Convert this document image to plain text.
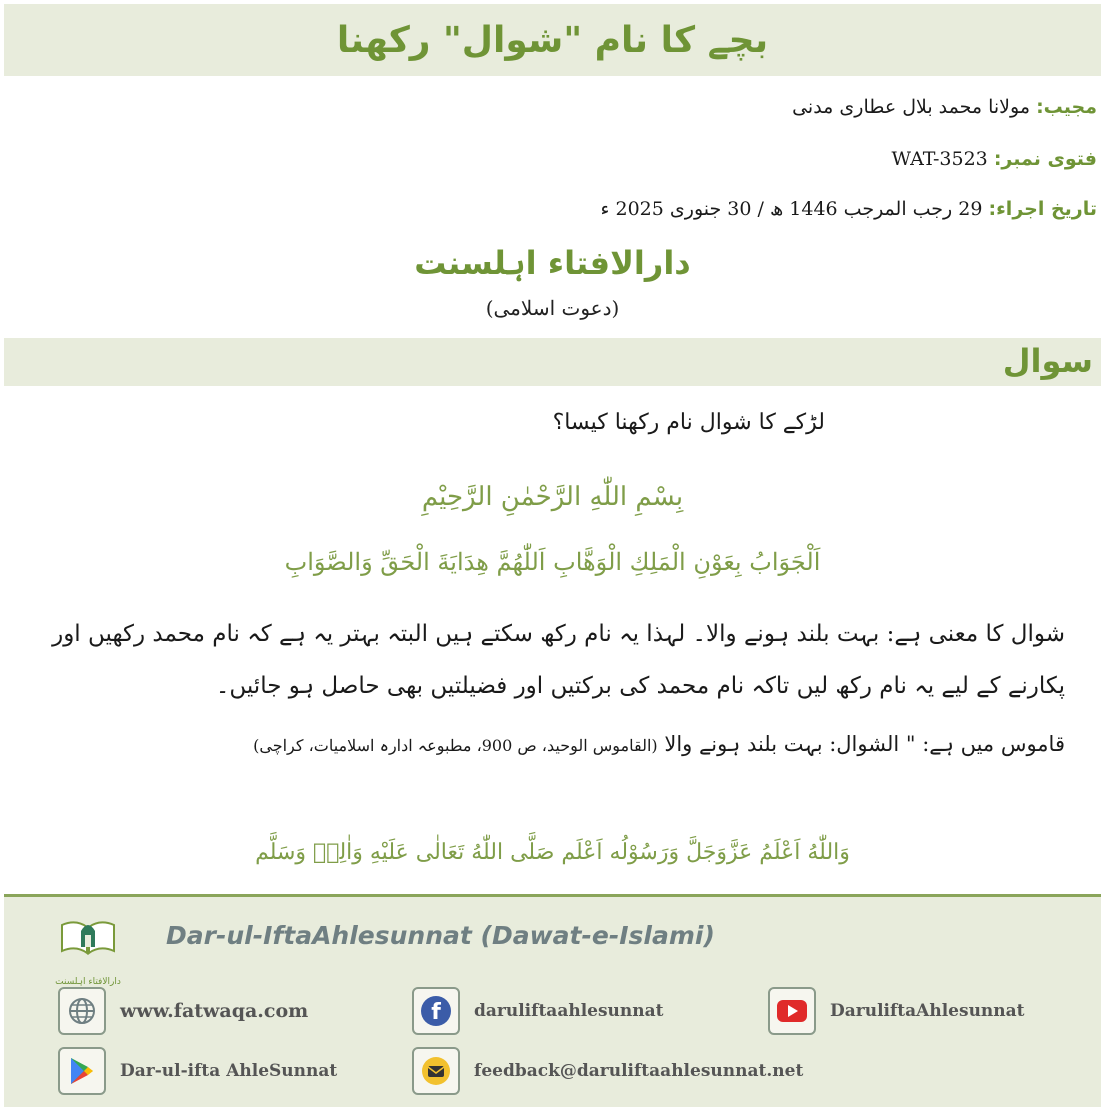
بچے کا نام "شوال" رکھنا
مجیب: مولانا محمد بلال عطاری مدنی
فتوی نمبر: WAT-3523
تاریخ اجراء: 29 رجب المرجب 1446 ھ / 30 جنوری 2025 ء
دارالافتاء اہلسنت
(دعوت اسلامی)
سوال
لڑکے کا شوال نام رکھنا کیسا؟
بِسْمِ اللّٰهِ الرَّحْمٰنِ الرَّحِیْمِ
اَلْجَوَابُ بِعَوْنِ الْمَلِكِ الْوَهَّابِ اَللّٰهُمَّ هِدَايَةَ الْحَقِّ وَالصَّوَابِ
شوال کا معنی ہے: بہت بلند ہونے والا۔ لہذا یہ نام رکھ سکتے ہیں البتہ بہتر یہ ہے کہ نام محمد رکھیں اور پکارنے کے لیے یہ نام رکھ لیں تاکہ نام محمد کی برکتیں اور فضیلتیں بھی حاصل ہو جائیں۔
قاموس میں ہے: " الشوال: بہت بلند ہونے والا (القاموس الوحید، ص 900، مطبوعہ ادارہ اسلامیات، کراچی)
وَاللّٰهُ اَعْلَمُ عَزَّوَجَلَّ وَرَسُوْلُه اَعْلَم صَلَّى اللّٰهُ تَعَالٰی عَلَیْهِ وَاٰلِهٖ وَسَلَّم
دارالافتاء اہلسنت
Dar-ul-IftaAhlesunnat (Dawat-e-Islami)
www.fatwaqa.com	f daruliftaahlesunnat	DaruliftaAhlesunnat
Dar-ul-ifta AhleSunnat	feedback@daruliftaahlesunnat.net
